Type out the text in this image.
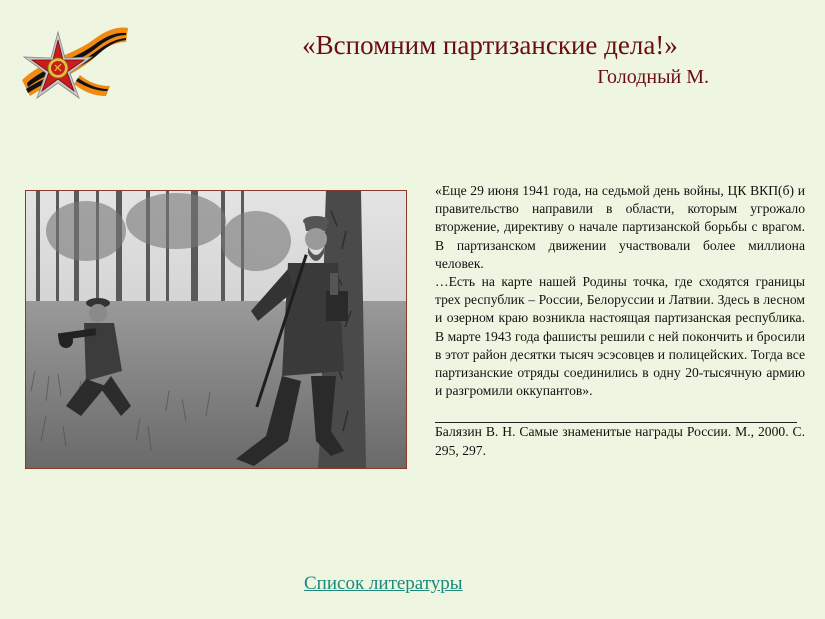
«Вспомним партизанские дела!»
Голодный М.

«Еще 29 июня 1941 года, на седьмой день войны, ЦК ВКП(б) и правительство направили в области, которым угрожало вторжение, директиву о начале партизанской борьбы с врагом. В партизанском движении участвовали более миллиона человек.

…Есть на карте нашей Родины точка, где сходятся границы трех республик – России, Белоруссии и Латвии. Здесь в лесном и озерном краю возникла настоящая партизанская республика. В марте 1943 года фашисты решили с ней покончить и бросили в этот район десятки тысяч эсэсовцев и полицейских. Тогда все партизанские отряды соединились в одну 20-тысячную армию и разгромили оккупантов».

Балязин В. Н. Самые знаменитые награды России. М., 2000. С. 295, 297.

Список литературы
